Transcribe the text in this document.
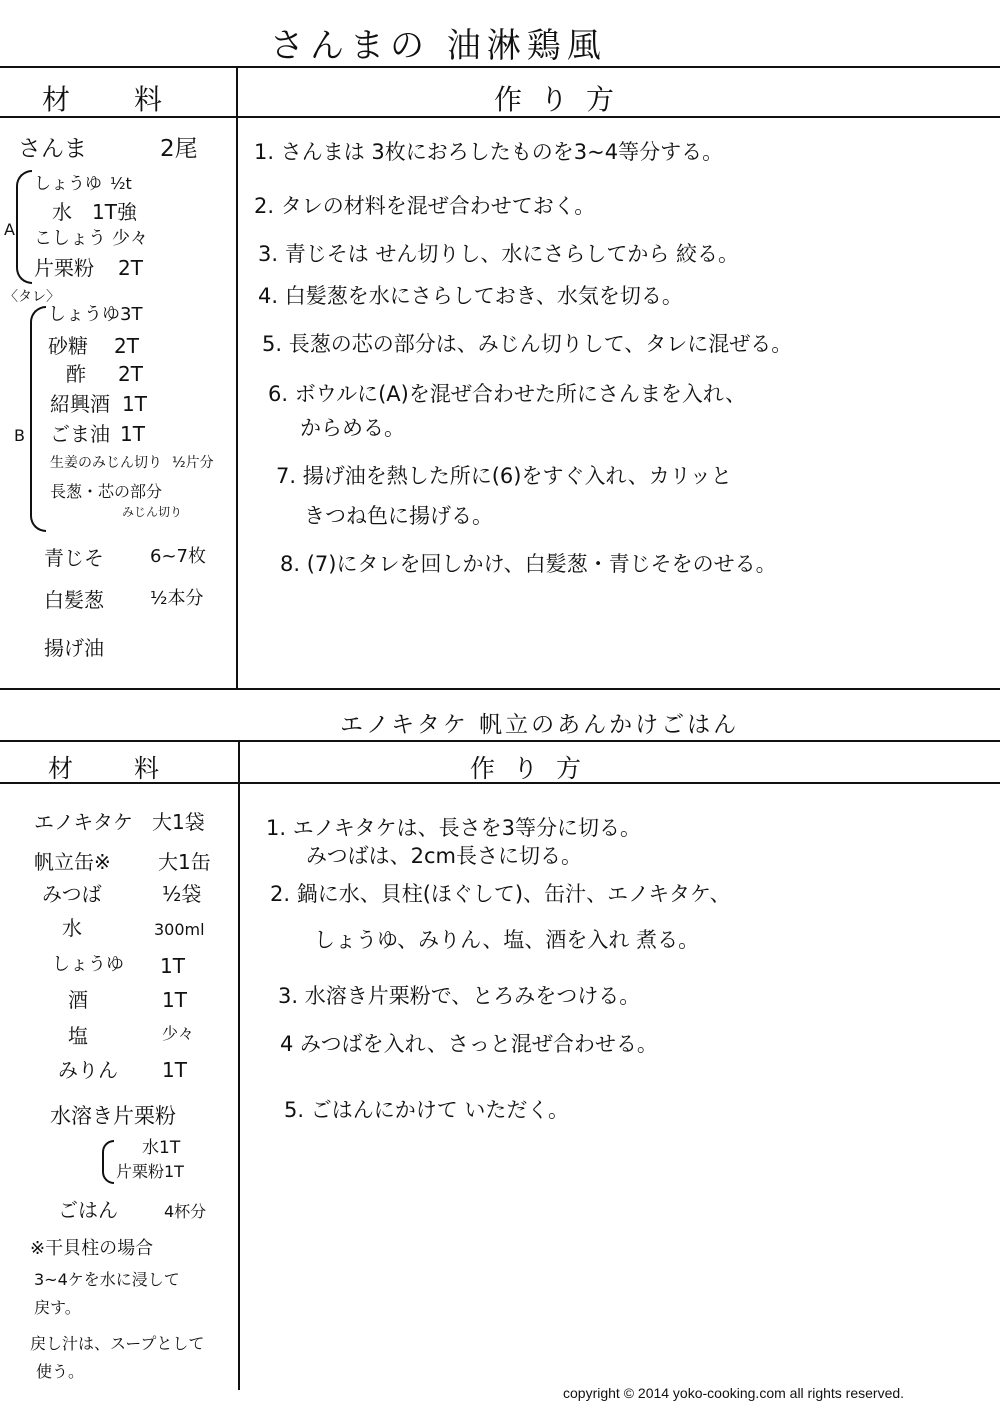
さんまの 油淋鶏風
材　料	作り方
さんま	2尾
A
しょうゆ ½t
水 1T強
こしょう 少々
片栗粉 2T
〈タレ〉
B
しょうゆ 3T
砂糖 2T
酢 2T
紹興酒 1T
ごま油 1T
生姜のみじん切り ½片分
長葱・芯の部分
みじん切り
青じそ	6~7枚
白髪葱	½本分
揚げ油
1. さんまは 3枚におろしたものを3~4等分する。
2. タレの材料を混ぜ合わせておく。
3. 青じそは せん切りし、水にさらしてから 絞る。
4. 白髪葱を水にさらしておき、水気を切る。
5. 長葱の芯の部分は、みじん切りして、タレに混ぜる。
6. ボウルに(A)を混ぜ合わせた所にさんまを入れ、
からめる。
7. 揚げ油を熱した所に(6)をすぐ入れ、カリッと
きつね色に揚げる。
8. (7)にタレを回しかけ、白髪葱・青じそをのせる。
エノキタケ 帆立のあんかけごはん
材　料	作り方
エノキタケ 大1袋
帆立缶※ 大1缶
みつば	½袋
水	300ml
しょうゆ 1T
酒	1T
塩	少々
みりん 1T
水溶き片栗粉
水1T
片栗粉1T
ごはん	4杯分
※干貝柱の場合
3~4ケを水に浸して
戻す。
戻し汁は、スープとして
使う。
1. エノキタケは、長さを3等分に切る。
みつばは、2cm長さに切る。
2. 鍋に水、貝柱(ほぐして)、缶汁、エノキタケ、
しょうゆ、みりん、塩、酒を入れ 煮る。
3. 水溶き片栗粉で、とろみをつける。
4 みつばを入れ、さっと混ぜ合わせる。
5. ごはんにかけて いただく。
copyright © 2014 yoko-cooking.com all rights reserved.
